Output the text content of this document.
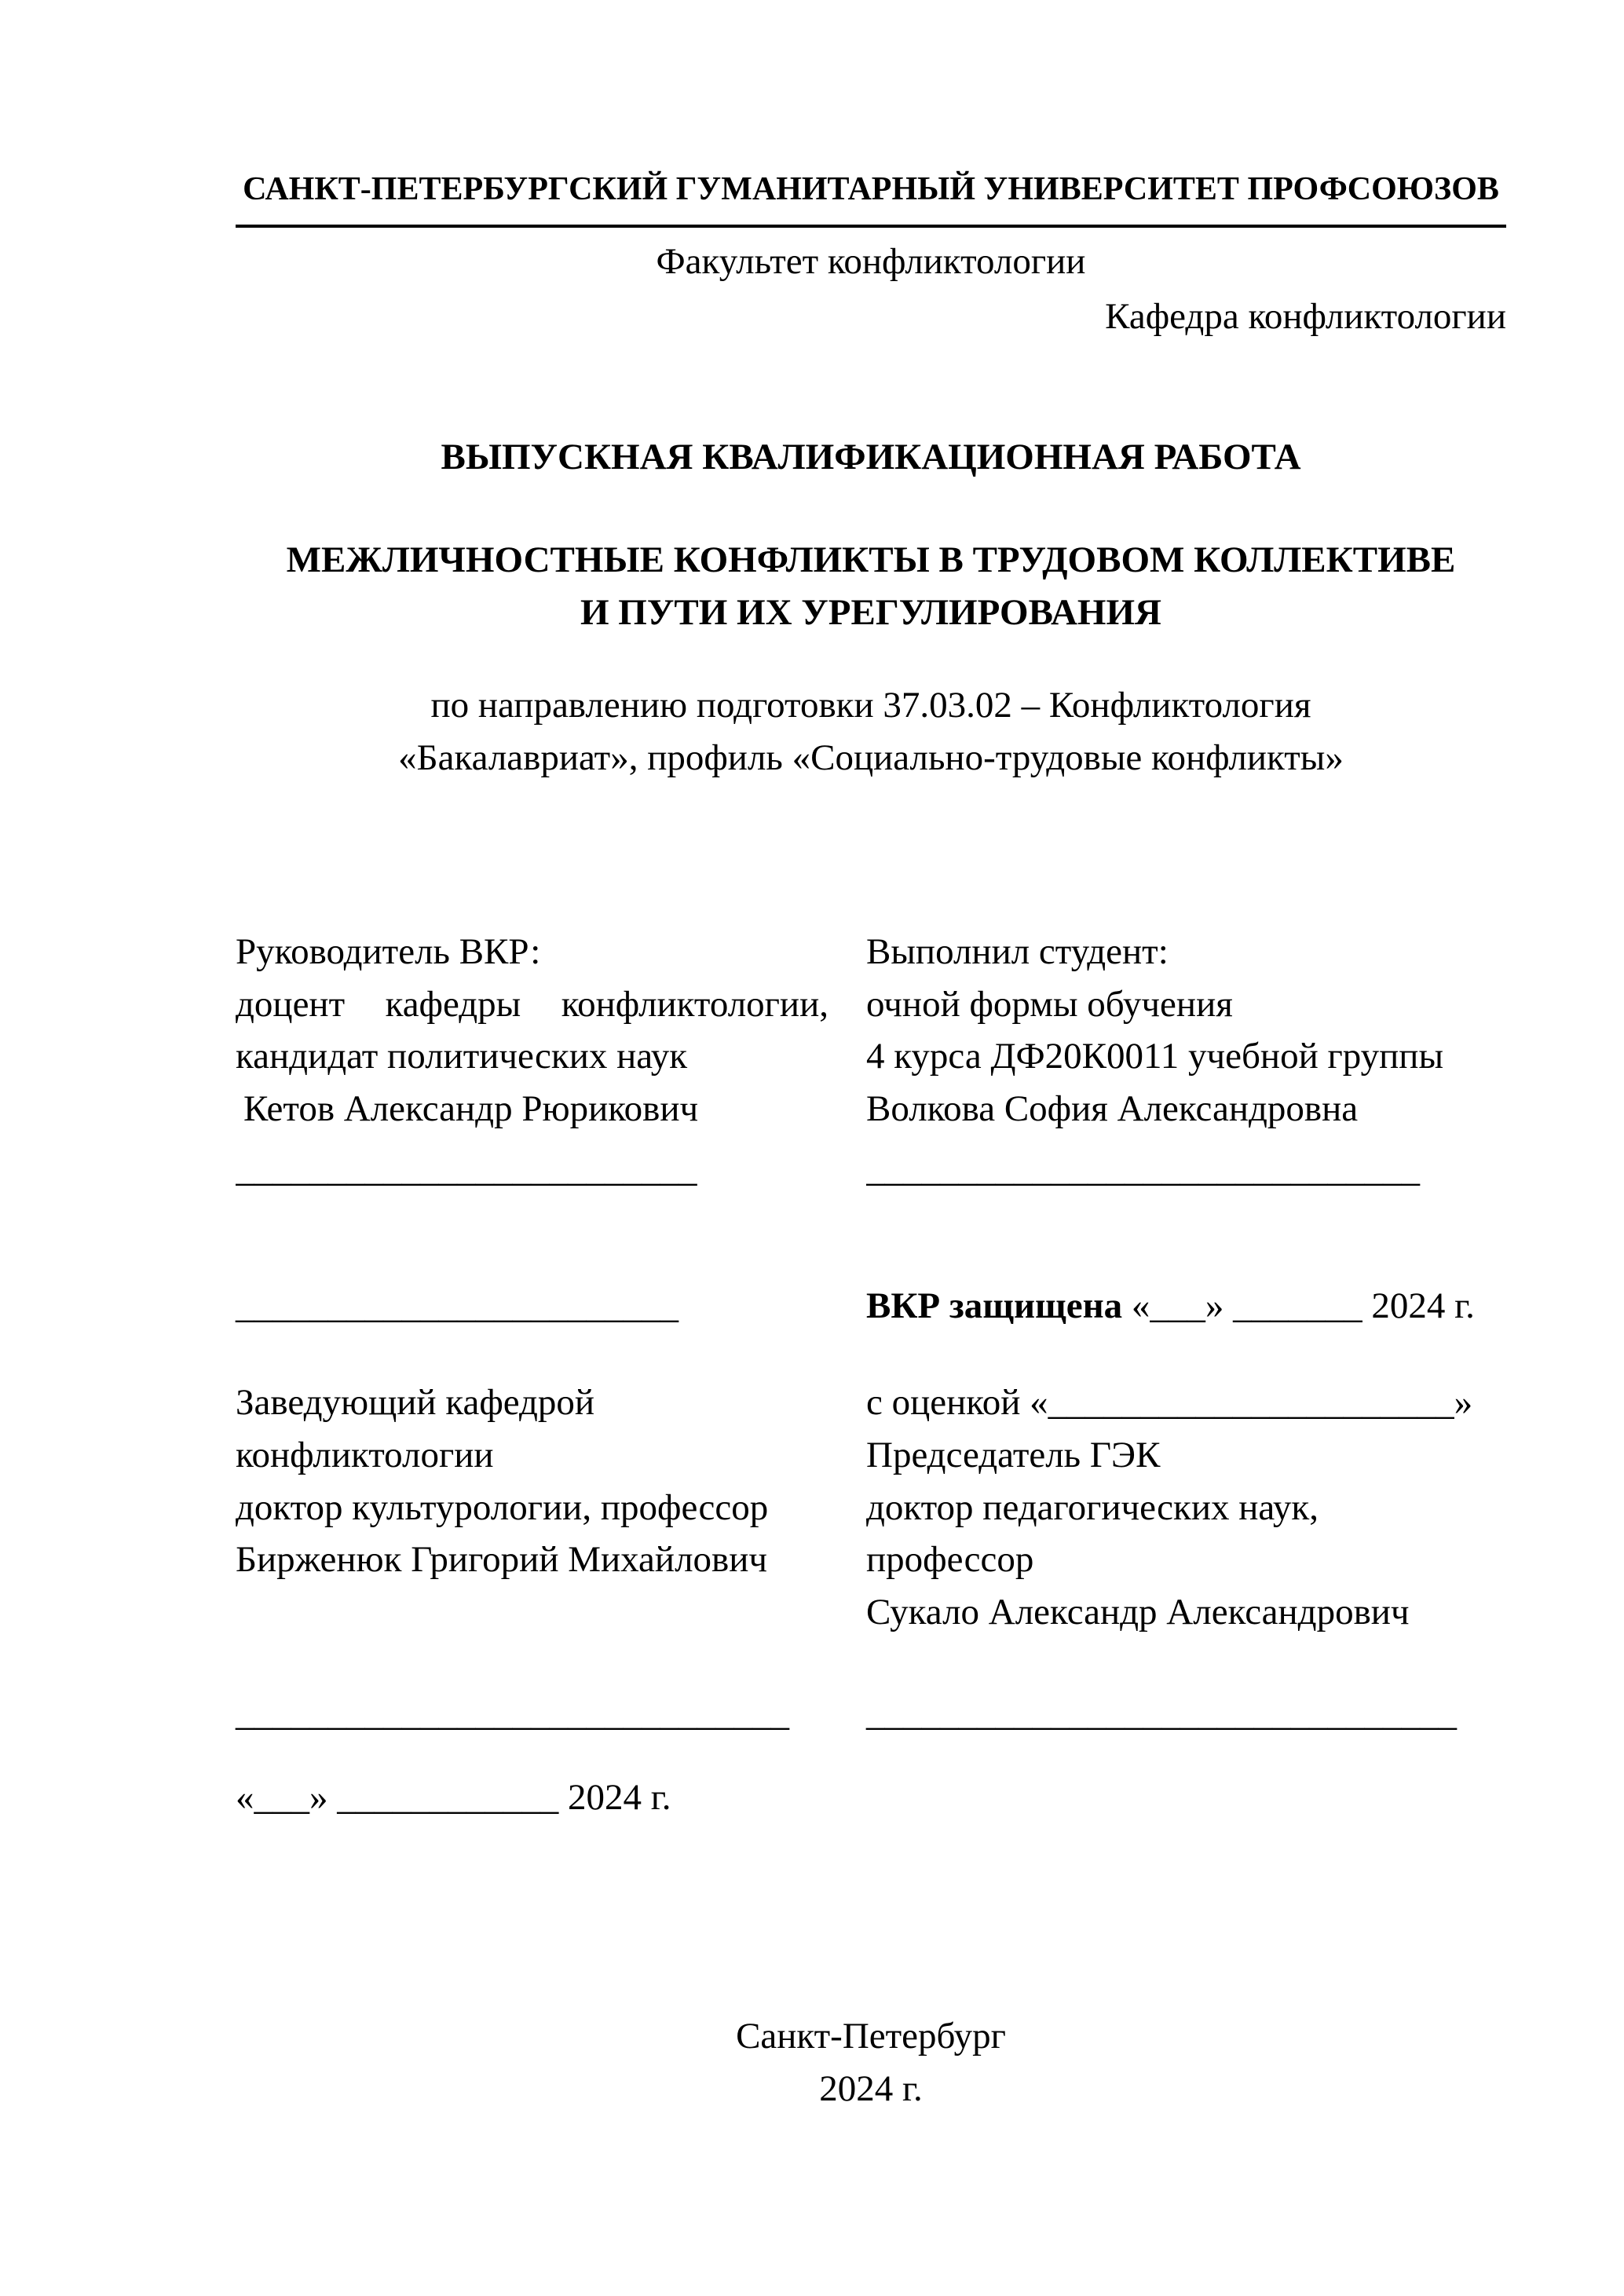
САНКТ-ПЕТЕРБУРГСКИЙ ГУМАНИТАРНЫЙ УНИВЕРСИТЕТ ПРОФСОЮЗОВ
Факультет конфликтологии
Кафедра конфликтологии
ВЫПУСКНАЯ КВАЛИФИКАЦИОННАЯ РАБОТА
МЕЖЛИЧНОСТНЫЕ КОНФЛИКТЫ В ТРУДОВОМ КОЛЛЕКТИВЕ
И ПУТИ ИХ УРЕГУЛИРОВАНИЯ
по направлению подготовки 37.03.02 – Конфликтология
«Бакалавриат», профиль «Социально-трудовые конфликты»
Руководитель ВКР:
доцент кафедры конфликтологии,
кандидат политических наук
Кетов Александр Рюрикович
_________________________
Выполнил студент:
очной формы обучения
4 курса ДФ20К0011 учебной группы
Волкова София Александровна
______________________________
________________________	ВКР защищена «___» _______ 2024 г.
Заведующий кафедрой
конфликтологии
доктор культурологии, профессор
Бирженюк Григорий Михайлович
с оценкой «______________________»
Председатель ГЭК
доктор педагогических наук,
профессор
Сукало Александр Александрович
______________________________	________________________________
«___» ____________ 2024 г.
Санкт-Петербург
2024 г.
